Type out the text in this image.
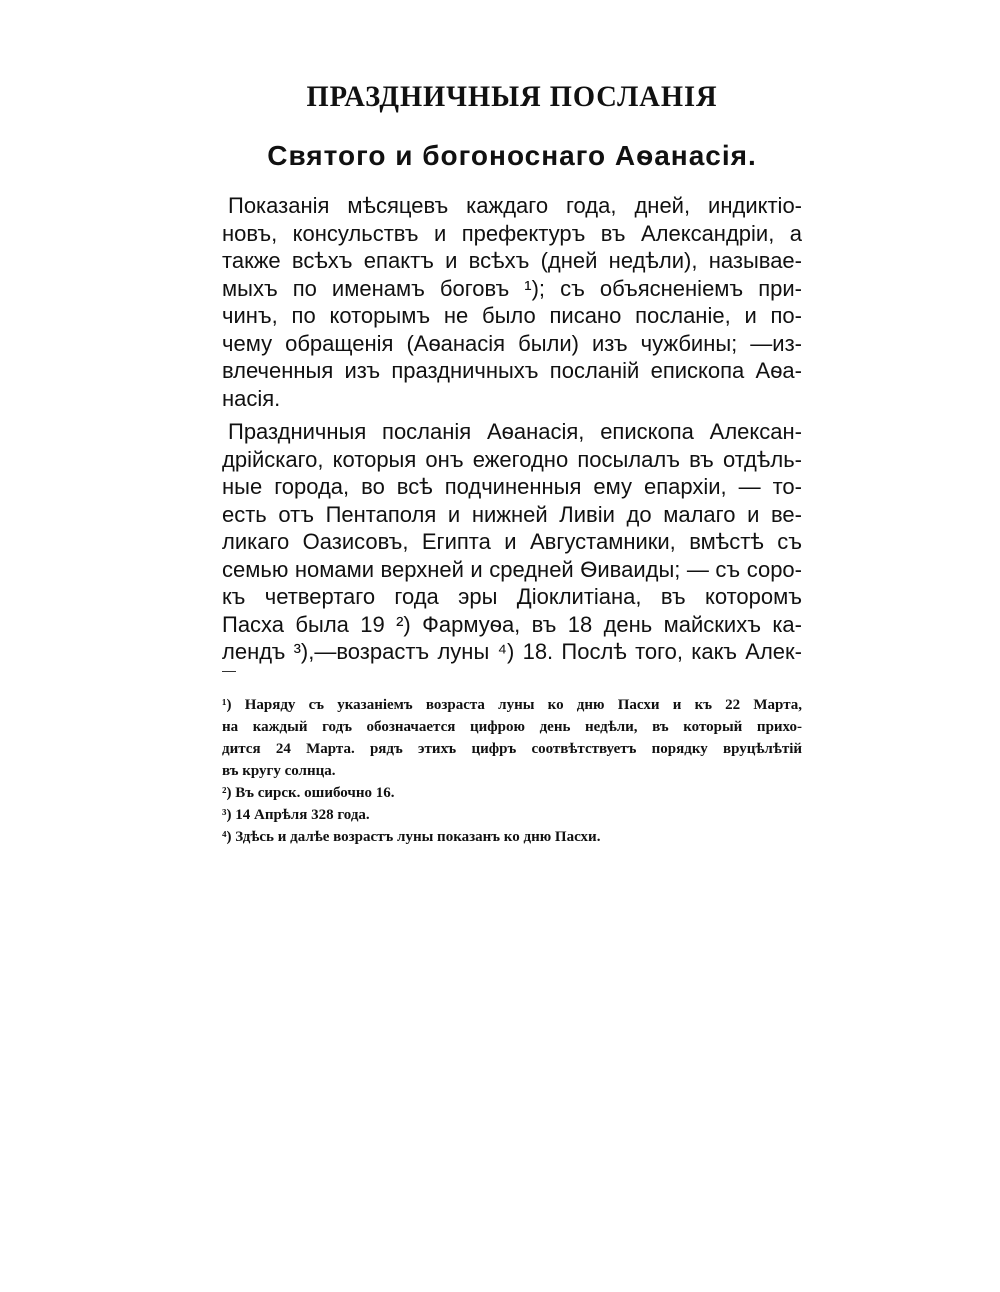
ПРАЗДНИЧНЫЯ ПОСЛАНІЯ
Святого и богоноснаго Аѳанасія.
Показанія мѣсяцевъ каждаго года, дней, индиктіо-
новъ, консульствъ и префектуръ въ Александріи, а
также всѣхъ епактъ и всѣхъ (дней недѣли), называе-
мыхъ по именамъ боговъ ¹); съ объясненіемъ при-
чинъ, по которымъ не было писано посланіе, и по-
чему обращенія (Аѳанасія были) изъ чужбины; —из-
влеченныя изъ праздничныхъ посланій епископа Аѳа-
насія.
Праздничныя посланія Аѳанасія, епископа Алексан-
дрійскаго, которыя онъ ежегодно посылалъ въ отдѣль-
ные города, во всѣ подчиненныя ему епархіи, — то-
есть отъ Пентаполя и нижней Ливіи до малаго и ве-
ликаго Оазисовъ, Египта и Августамники, вмѣстѣ съ
семью номами верхней и средней Ѳиваиды; — съ соро-
къ четвертаго года эры Діоклитіана, въ которомъ
Пасха была 19 ²) Фармуѳа, въ 18 день майскихъ ка-
лендъ ³),—возрастъ луны ⁴) 18. Послѣ того, какъ Алек-
—
¹) Наряду съ указаніемъ возраста луны ко дню Пасхи и къ 22 Марта,
на каждый годъ обозначается цифрою день недѣли, въ который прихо-
дится 24 Марта. рядъ этихъ цифръ соотвѣтствуетъ порядку вруцѣлѣтій
въ кругу солнца.
²) Въ сирск. ошибочно 16.
³) 14 Апрѣля 328 года.
⁴) Здѣсь и далѣе возрастъ луны показанъ ко дню Пасхи.
